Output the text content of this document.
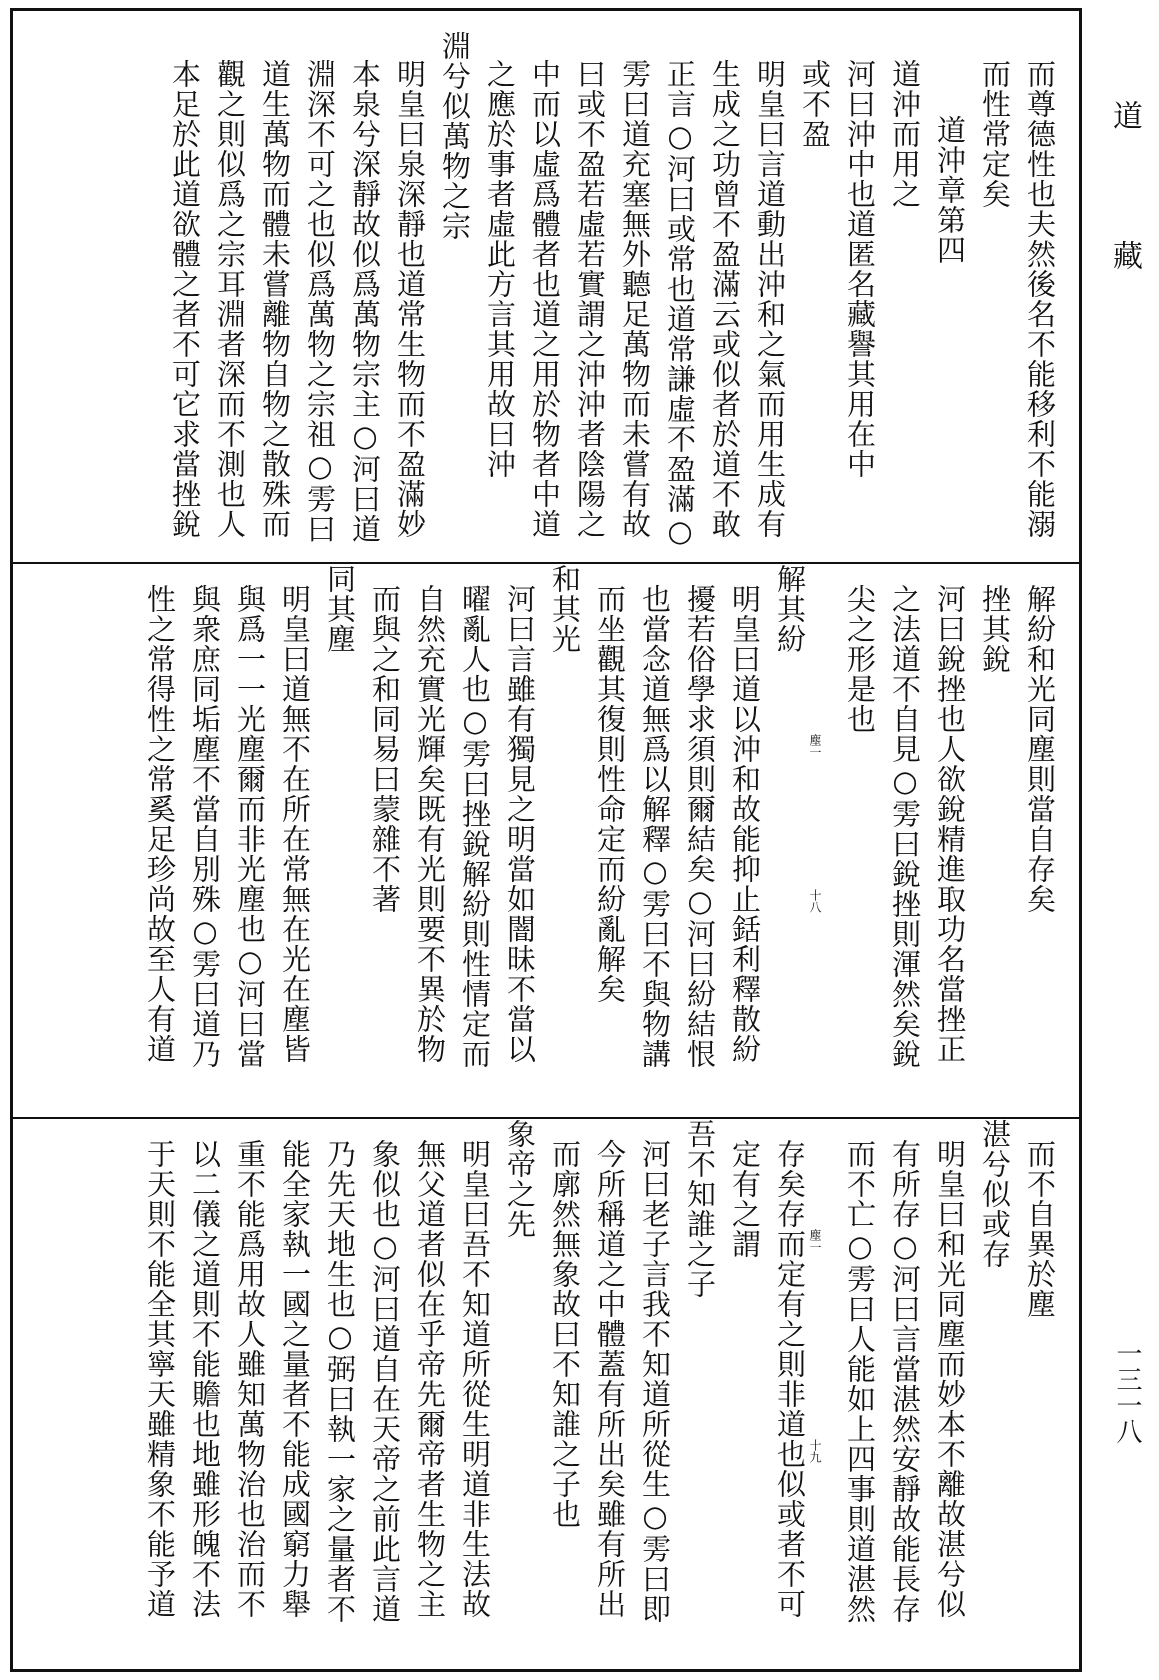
而尊德性也夫然後名不能移利不能溺
而性常定矣
道沖章第四
道沖而用之
河曰沖中也道匿名藏譽其用在中
或不盈
明皇曰言道動出沖和之氣而用生成有
生成之功曾不盈滿云或似者於道不敢
正言○河曰或常也道常謙虛不盈滿○
雱曰道充塞無外聽足萬物而未嘗有故
曰或不盈若虛若實謂之沖沖者陰陽之
中而以虛爲體者也道之用於物者中道
之應於事者虛此方言其用故曰沖
淵兮似萬物之宗
明皇曰泉深靜也道常生物而不盈滿妙
本泉兮深靜故似爲萬物宗主○河曰道
淵深不可之也似爲萬物之宗祖○雱曰
道生萬物而體未嘗離物自物之散殊而
觀之則似爲之宗耳淵者深而不測也人
本足於此道欲體之者不可它求當挫銳
解紛和光同塵則當自存矣
挫其銳
河曰銳挫也人欲銳精進取功名當挫正
之法道不自見○雱曰銳挫則渾然矣銳
尖之形是也
塵一
十八
解其紛
明皇曰道以沖和故能抑止銛利釋散紛
擾若俗學求須則爾結矣○河曰紛結恨
也當念道無爲以解釋○雱曰不與物講
而坐觀其復則性命定而紛亂解矣
和其光
河曰言雖有獨見之明當如闇昧不當以
曜亂人也○雱曰挫銳解紛則性情定而
自然充實光輝矣既有光則要不異於物
而與之和同易曰蒙雜不著
同其塵
明皇曰道無不在所在常無在光在塵皆
與爲一一光塵爾而非光塵也○河曰當
與衆庶同垢塵不當自別殊○雱曰道乃
性之常得性之常奚足珍尚故至人有道
而不自異於塵
湛兮似或存
明皇曰和光同塵而妙本不離故湛兮似
有所存○河曰言當湛然安靜故能長存
而不亡○雱曰人能如上四事則道湛然
塵一
十九
存矣存而定有之則非道也似或者不可
定有之謂
吾不知誰之子
河曰老子言我不知道所從生○雱曰即
今所稱道之中體蓋有所出矣雖有所出
而廓然無象故曰不知誰之子也
象帝之先
明皇曰吾不知道所從生明道非生法故
無父道者似在乎帝先爾帝者生物之主
象似也○河曰道自在天帝之前此言道
乃先天地生也○弼曰執一家之量者不
能全家執一國之量者不能成國窮力舉
重不能爲用故人雖知萬物治也治而不
以二儀之道則不能贍也地雖形魄不法
于天則不能全其寧天雖精象不能予道
道
藏
一三一八
